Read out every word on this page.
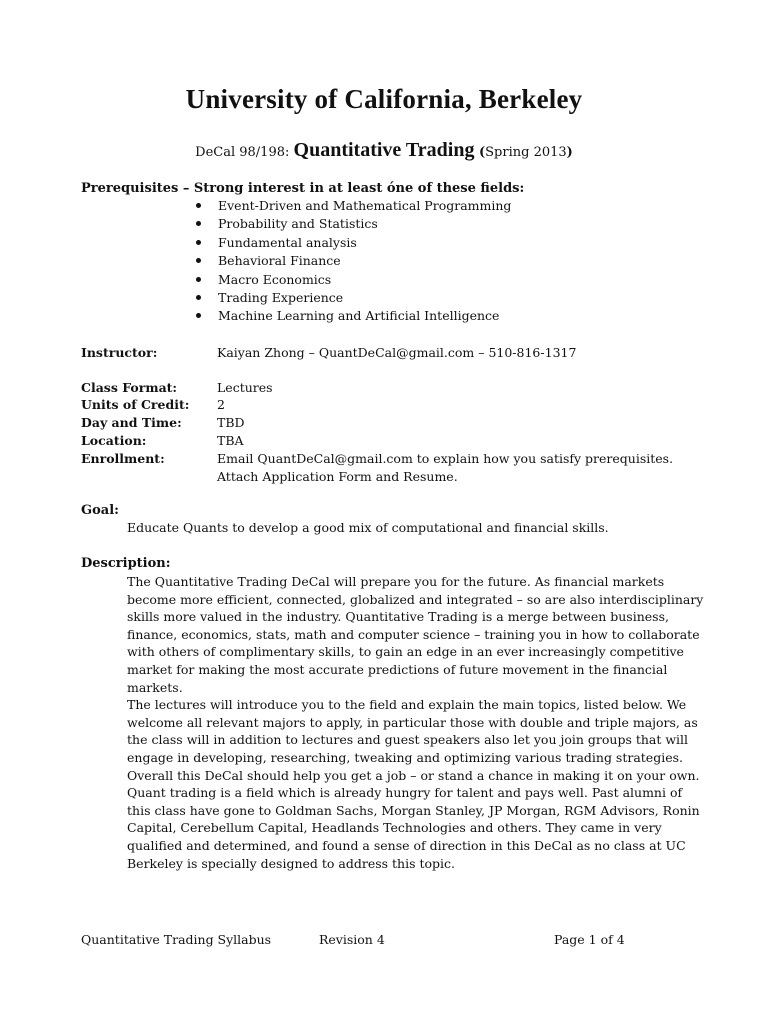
University of California, Berkeley
DeCal 98/198: Quantitative Trading (Spring 2013)
Prerequisites – Strong interest in at least óne of these fields:
Event-Driven and Mathematical Programming
Probability and Statistics
Fundamental analysis
Behavioral Finance
Macro Economics
Trading Experience
Machine Learning and Artificial Intelligence
Instructor:	Kaiyan Zhong – QuantDeCal@gmail.com – 510-816-1317
Class Format:	Lectures
Units of Credit: 2
Day and Time:	TBD
Location:	TBA
Enrollment:	Email QuantDeCal@gmail.com to explain how you satisfy prerequisites.
Attach Application Form and Resume.
Goal:
Educate Quants to develop a good mix of computational and financial skills.
Description:

The Quantitative Trading DeCal will prepare you for the future. As financial markets become more efficient, connected, globalized and integrated – so are also interdisciplinary skills more valued in the industry. Quantitative Trading is a merge between business, finance, economics, stats, math and computer science – training you in how to collaborate with others of complimentary skills, to gain an edge in an ever increasingly competitive market for making the most accurate predictions of future movement in the financial markets.

The lectures will introduce you to the field and explain the main topics, listed below. We welcome all relevant majors to apply, in particular those with double and triple majors, as the class will in addition to lectures and guest speakers also let you join groups that will engage in developing, researching, tweaking and optimizing various trading strategies.

Overall this DeCal should help you get a job – or stand a chance in making it on your own. Quant trading is a field which is already hungry for talent and pays well. Past alumni of this class have gone to Goldman Sachs, Morgan Stanley, JP Morgan, RGM Advisors, Ronin Capital, Cerebellum Capital, Headlands Technologies and others. They came in very qualified and determined, and found a sense of direction in this DeCal as no class at UC Berkeley is specially designed to address this topic.

Quantitative Trading Syllabus	Revision 4	Page 1 of 4
